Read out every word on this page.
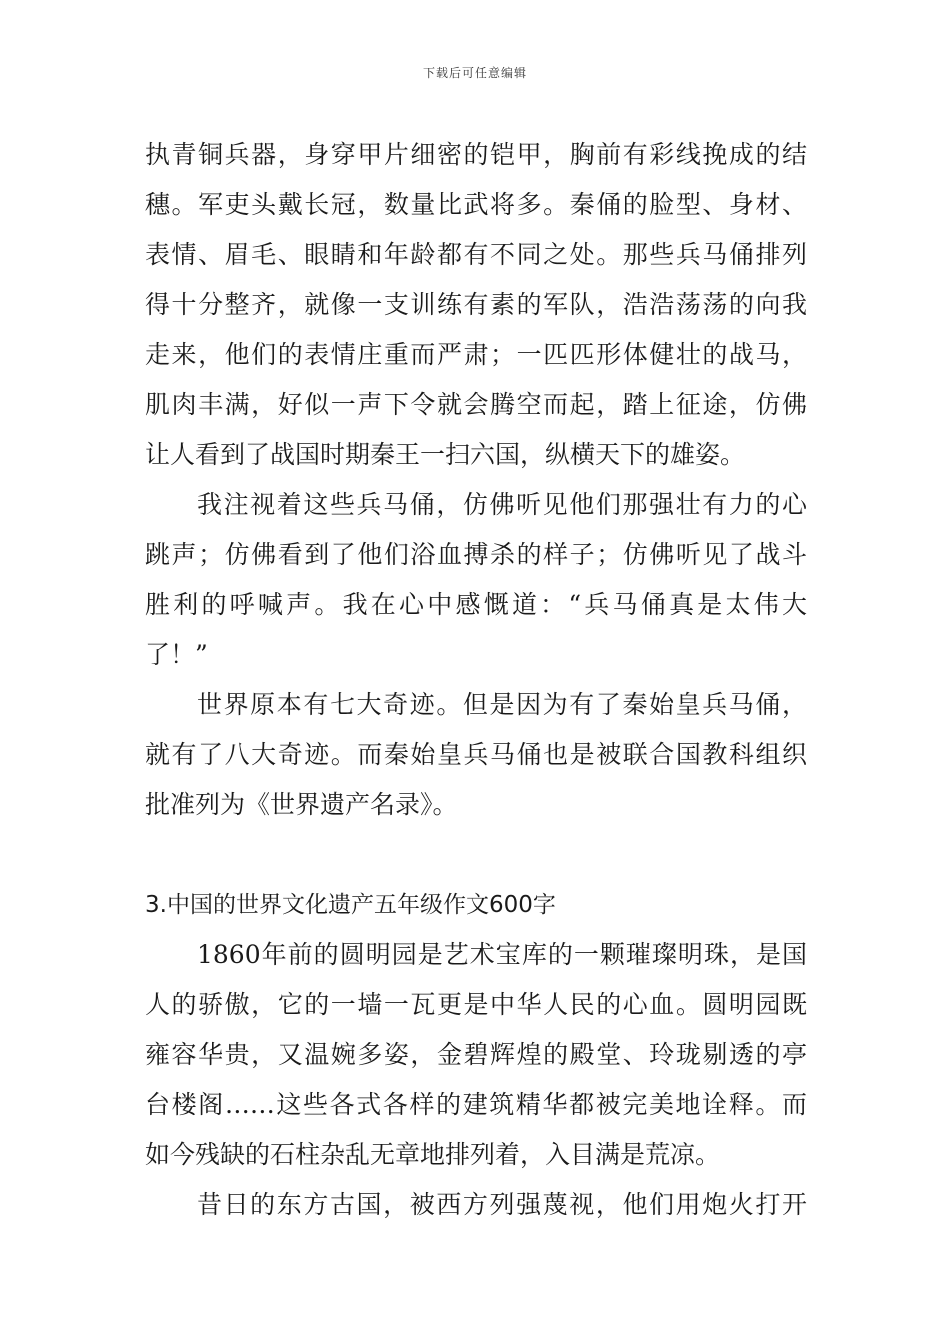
下载后可任意编辑
执青铜兵器，身穿甲片细密的铠甲，胸前有彩线挽成的结
穗。军吏头戴长冠，数量比武将多。秦俑的脸型、身材、
表情、眉毛、眼睛和年龄都有不同之处。那些兵马俑排列
得十分整齐，就像一支训练有素的军队，浩浩荡荡的向我
走来，他们的表情庄重而严肃；一匹匹形体健壮的战马，
肌肉丰满，好似一声下令就会腾空而起，踏上征途，仿佛
让人看到了战国时期秦王一扫六国，纵横天下的雄姿。
我注视着这些兵马俑，仿佛听见他们那强壮有力的心
跳声；仿佛看到了他们浴血搏杀的样子；仿佛听见了战斗
胜利的呼喊声。我在心中感慨道：“兵马俑真是太伟大
了！”
世界原本有七大奇迹。但是因为有了秦始皇兵马俑，
就有了八大奇迹。而秦始皇兵马俑也是被联合国教科组织
批准列为《世界遗产名录》。
3.中国的世界文化遗产五年级作文600字
1860年前的圆明园是艺术宝库的一颗璀璨明珠，是国
人的骄傲，它的一墙一瓦更是中华人民的心血。圆明园既
雍容华贵，又温婉多姿，金碧辉煌的殿堂、玲珑剔透的亭
台楼阁……这些各式各样的建筑精华都被完美地诠释。而
如今残缺的石柱杂乱无章地排列着，入目满是荒凉。
昔日的东方古国，被西方列强蔑视，他们用炮火打开
